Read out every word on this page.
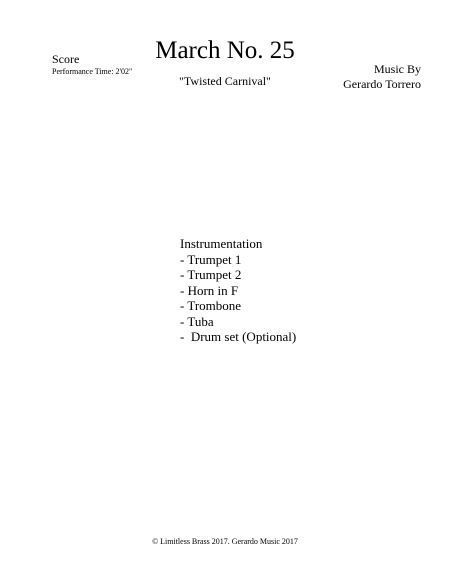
Score
Performance Time: 2'02"
March No. 25
"Twisted Carnival"
Music By
Gerardo Torrero
Instrumentation
- Trumpet 1
- Trumpet 2
- Horn in F
- Trombone
- Tuba
-  Drum set (Optional)
© Limitless Brass 2017. Gerardo Music 2017
